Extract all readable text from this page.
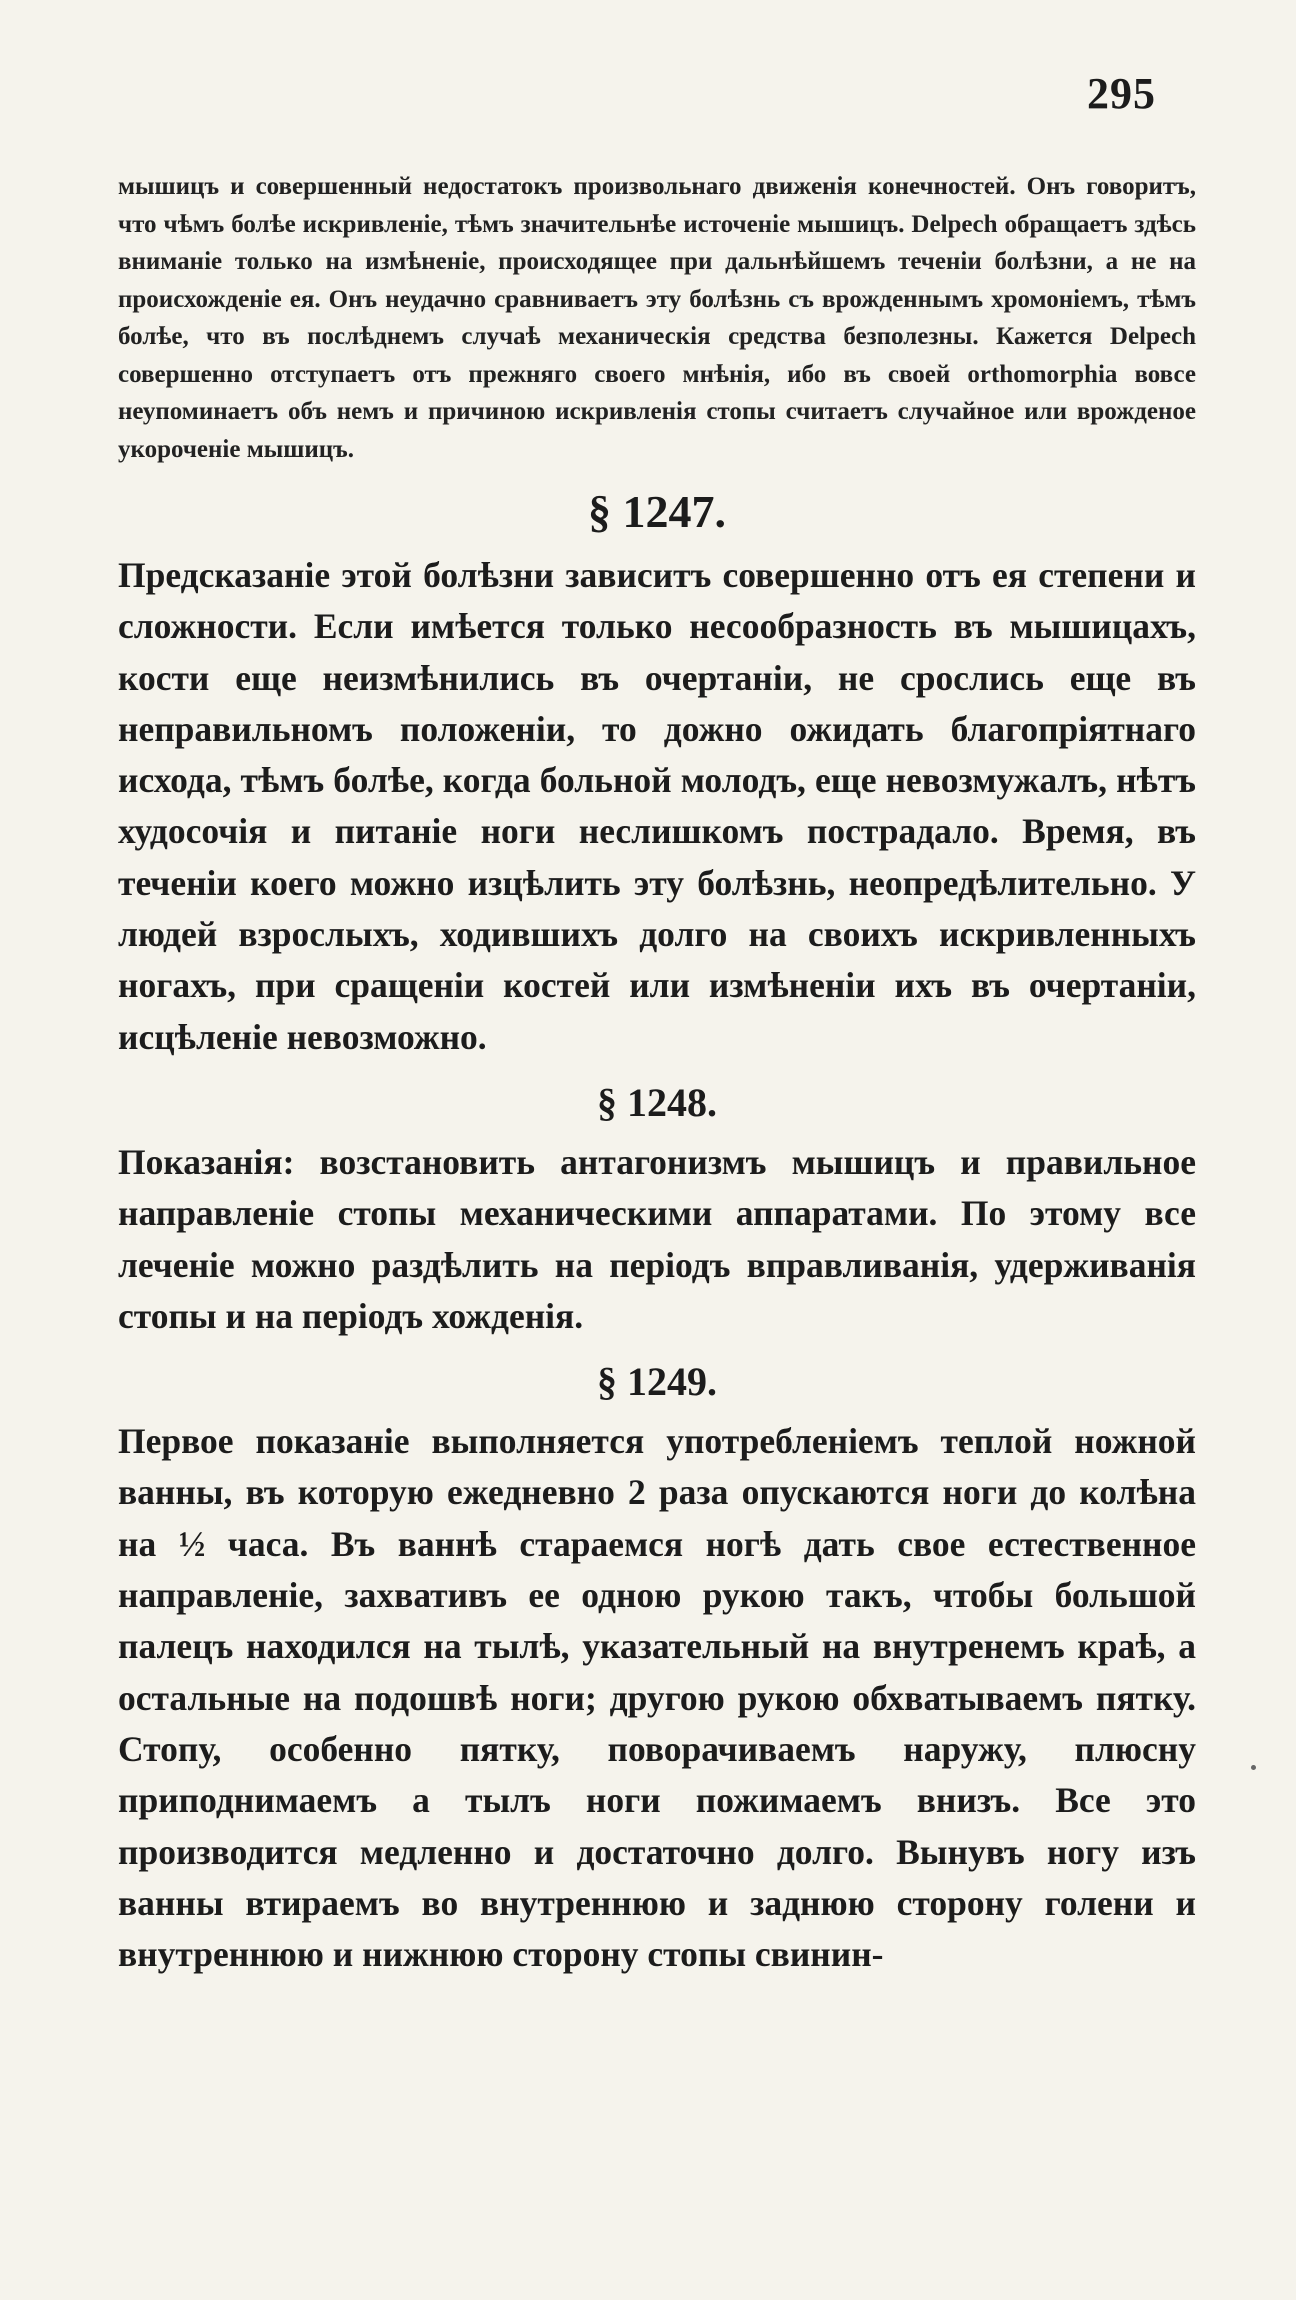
295

мышицъ и совершенный недостатокъ произвольнаго движенія конечностей. Онъ говоритъ, что чѣмъ болѣе искривленіе, тѣмъ значительнѣе источеніе мышицъ. Delpech обращаетъ здѣсь вниманіе только на измѣненіе, происходящее при дальнѣйшемъ теченіи болѣзни, а не на происхожденіе ея. Онъ неудачно сравниваетъ эту болѣзнь съ врожденнымъ хромоніемъ, тѣмъ болѣе, что въ послѣднемъ случаѣ механическія средства безполезны. Кажется Delpech совершенно отступаетъ отъ прежняго своего мнѣнія, ибо въ своей orthomorphia вовсе неупоминаетъ объ немъ и причиною искривленія стопы считаетъ случайное или врожденое укороченіе мышицъ.

§ 1247.

Предсказаніе этой болѣзни зависитъ совершенно отъ ея степени и сложности. Если имѣется только несообразность въ мышицахъ, кости еще неизмѣнились въ очертаніи, не срослись еще въ неправильномъ положеніи, то дожно ожидать благопріятнаго исхода, тѣмъ болѣе, когда больной молодъ, еще невозмужалъ, нѣтъ худосочія и питаніе ноги неслишкомъ пострадало. Время, въ теченіи коего можно изцѣлить эту болѣзнь, неопредѣлительно. У людей взрослыхъ, ходившихъ долго на своихъ искривленныхъ ногахъ, при сращеніи костей или измѣненіи ихъ въ очертаніи, исцѣленіе невозможно.

§ 1248.

Показанія: возстановить антагонизмъ мышицъ и правильное направленіе стопы механическими аппаратами. По этому все леченіе можно раздѣлить на періодъ вправливанія, удерживанія стопы и на періодъ хожденія.

§ 1249.

Первое показаніе выполняется употребленіемъ теплой ножной ванны, въ которую ежедневно 2 раза опускаются ноги до колѣна на ½ часа. Въ ваннѣ стараемся ногѣ дать свое естественное направленіе, захвативъ ее одною рукою такъ, чтобы большой палецъ находился на тылѣ, указательный на внутренемъ краѣ, а остальные на подошвѣ ноги; другою рукою обхватываемъ пятку. Стопу, особенно пятку, поворачиваемъ наружу, плюсну приподнимаемъ а тылъ ноги пожимаемъ внизъ. Все это производится медленно и достаточно долго. Вынувъ ногу изъ ванны втираемъ во внутреннюю и заднюю сторону голени и внутреннюю и нижнюю сторону стопы свинин-
